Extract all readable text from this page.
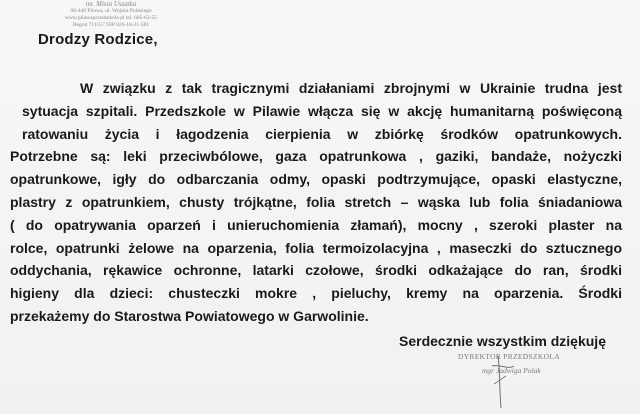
im. Misia Uszatka
08-440 Pilawa, ul. Wojska Polskiego
www.pilawaprzedszkole.pl tel. 685-63-55
Regon 711157 NIP 826-18-21-581
Drodzy Rodzice,
W związku z tak tragicznymi działaniami zbrojnymi w Ukrainie trudna jest
sytuacja szpitali. Przedszkole w Pilawie włącza się w akcję humanitarną poświęconą
ratowaniu życia i łagodzenia cierpienia w zbiórkę środków opatrunkowych.
Potrzebne są: leki przeciwbólowe, gaza opatrunkowa , gaziki, bandaże, nożyczki
opatrunkowe, igły do odbarczania odmy, opaski podtrzymujące, opaski elastyczne,
plastry z opatrunkiem, chusty trójkątne, folia stretch – wąska lub folia śniadaniowa
( do opatrywania oparzeń i unieruchomienia złamań), mocny , szeroki plaster na
rolce, opatrunki żelowe na oparzenia, folia termoizolacyjna , maseczki do sztucznego
oddychania, rękawice ochronne, latarki czołowe, środki odkażające do ran, środki
higieny dla dzieci: chusteczki mokre , pieluchy, kremy na oparzenia. Środki
przekażemy do Starostwa Powiatowego w Garwolinie.
Serdecznie wszystkim dziękuję
DYREKTOR PRZEDSZKOLA
mgr Jadwiga Polak
